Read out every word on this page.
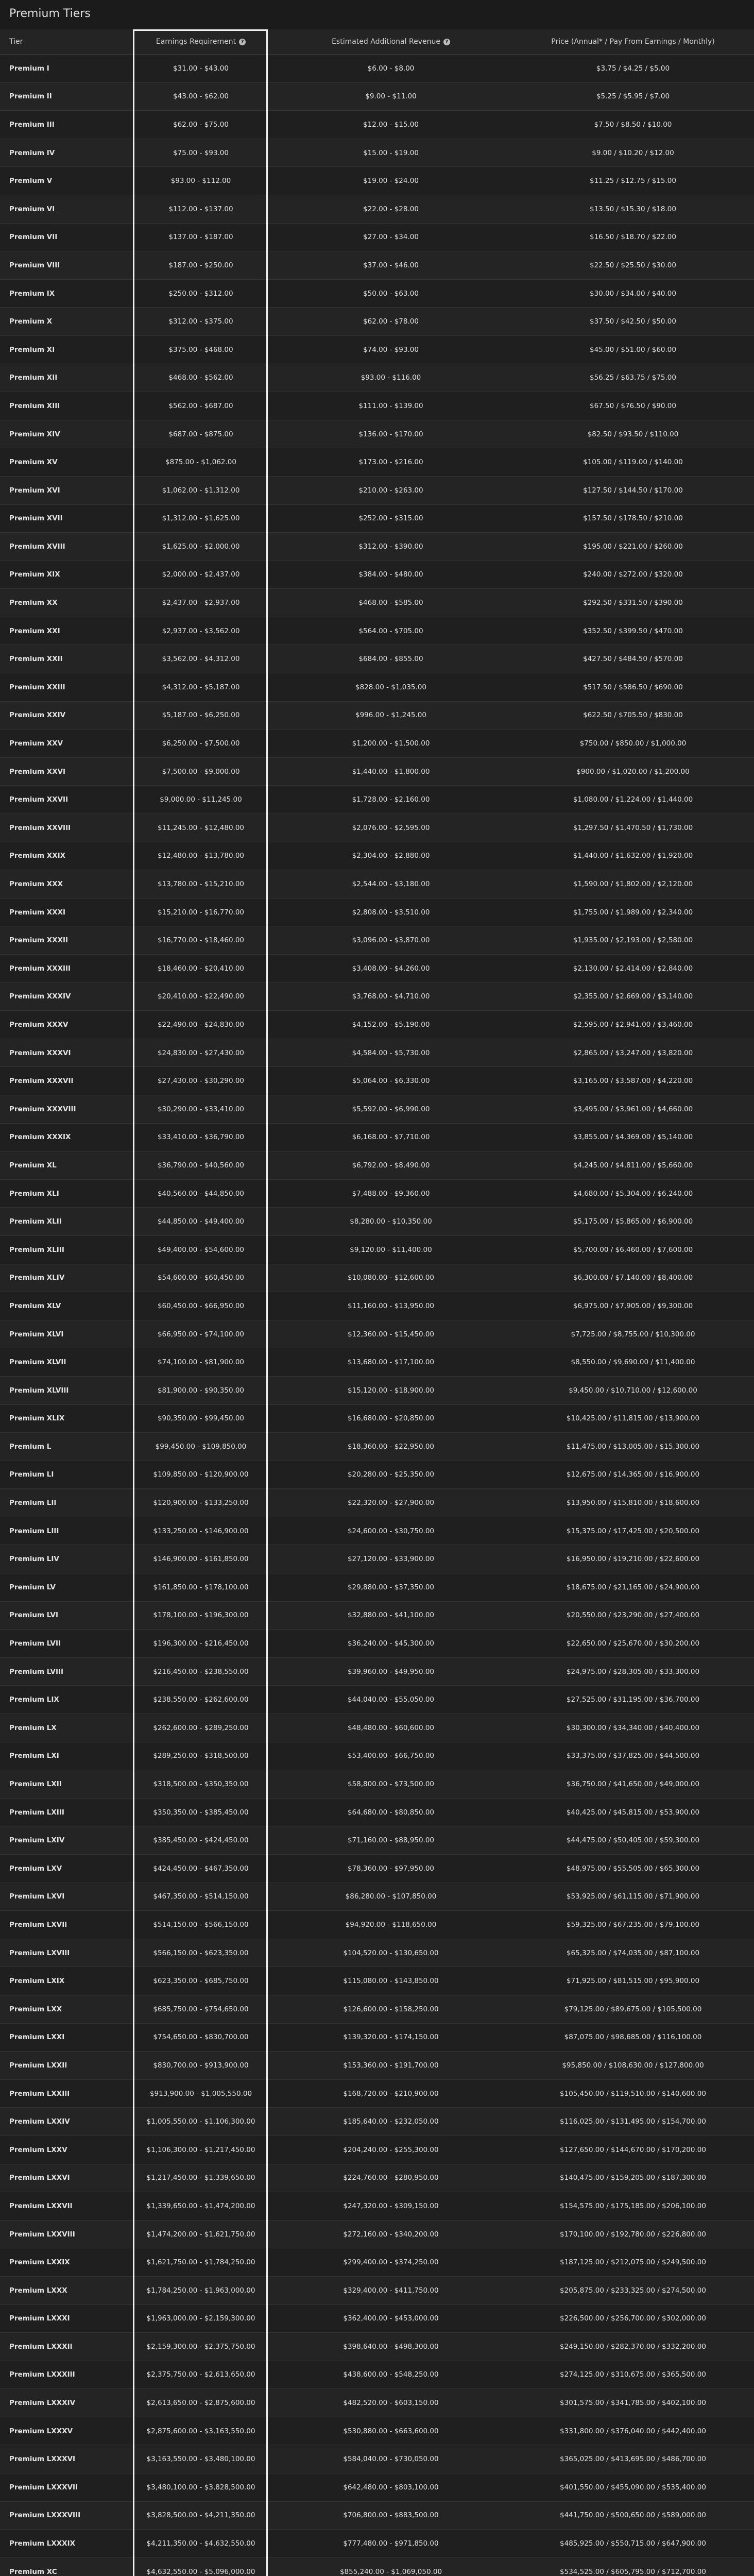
Premium Tiers
Tier	Earnings Requirement ?	Estimated Additional Revenue ?	Price (Annual* / Pay From Earnings / Monthly)
Premium I	$31.00 - $43.00	$6.00 - $8.00	$3.75 / $4.25 / $5.00
Premium II	$43.00 - $62.00	$9.00 - $11.00	$5.25 / $5.95 / $7.00
Premium III	$62.00 - $75.00	$12.00 - $15.00	$7.50 / $8.50 / $10.00
Premium IV	$75.00 - $93.00	$15.00 - $19.00	$9.00 / $10.20 / $12.00
Premium V	$93.00 - $112.00	$19.00 - $24.00	$11.25 / $12.75 / $15.00
Premium VI	$112.00 - $137.00	$22.00 - $28.00	$13.50 / $15.30 / $18.00
Premium VII	$137.00 - $187.00	$27.00 - $34.00	$16.50 / $18.70 / $22.00
Premium VIII	$187.00 - $250.00	$37.00 - $46.00	$22.50 / $25.50 / $30.00
Premium IX	$250.00 - $312.00	$50.00 - $63.00	$30.00 / $34.00 / $40.00
Premium X	$312.00 - $375.00	$62.00 - $78.00	$37.50 / $42.50 / $50.00
Premium XI	$375.00 - $468.00	$74.00 - $93.00	$45.00 / $51.00 / $60.00
Premium XII	$468.00 - $562.00	$93.00 - $116.00	$56.25 / $63.75 / $75.00
Premium XIII	$562.00 - $687.00	$111.00 - $139.00	$67.50 / $76.50 / $90.00
Premium XIV	$687.00 - $875.00	$136.00 - $170.00	$82.50 / $93.50 / $110.00
Premium XV	$875.00 - $1,062.00	$173.00 - $216.00	$105.00 / $119.00 / $140.00
Premium XVI	$1,062.00 - $1,312.00	$210.00 - $263.00	$127.50 / $144.50 / $170.00
Premium XVII	$1,312.00 - $1,625.00	$252.00 - $315.00	$157.50 / $178.50 / $210.00
Premium XVIII	$1,625.00 - $2,000.00	$312.00 - $390.00	$195.00 / $221.00 / $260.00
Premium XIX	$2,000.00 - $2,437.00	$384.00 - $480.00	$240.00 / $272.00 / $320.00
Premium XX	$2,437.00 - $2,937.00	$468.00 - $585.00	$292.50 / $331.50 / $390.00
Premium XXI	$2,937.00 - $3,562.00	$564.00 - $705.00	$352.50 / $399.50 / $470.00
Premium XXII	$3,562.00 - $4,312.00	$684.00 - $855.00	$427.50 / $484.50 / $570.00
Premium XXIII	$4,312.00 - $5,187.00	$828.00 - $1,035.00	$517.50 / $586.50 / $690.00
Premium XXIV	$5,187.00 - $6,250.00	$996.00 - $1,245.00	$622.50 / $705.50 / $830.00
Premium XXV	$6,250.00 - $7,500.00	$1,200.00 - $1,500.00	$750.00 / $850.00 / $1,000.00
Premium XXVI	$7,500.00 - $9,000.00	$1,440.00 - $1,800.00	$900.00 / $1,020.00 / $1,200.00
Premium XXVII	$9,000.00 - $11,245.00	$1,728.00 - $2,160.00	$1,080.00 / $1,224.00 / $1,440.00
Premium XXVIII	$11,245.00 - $12,480.00	$2,076.00 - $2,595.00	$1,297.50 / $1,470.50 / $1,730.00
Premium XXIX	$12,480.00 - $13,780.00	$2,304.00 - $2,880.00	$1,440.00 / $1,632.00 / $1,920.00
Premium XXX	$13,780.00 - $15,210.00	$2,544.00 - $3,180.00	$1,590.00 / $1,802.00 / $2,120.00
Premium XXXI	$15,210.00 - $16,770.00	$2,808.00 - $3,510.00	$1,755.00 / $1,989.00 / $2,340.00
Premium XXXII	$16,770.00 - $18,460.00	$3,096.00 - $3,870.00	$1,935.00 / $2,193.00 / $2,580.00
Premium XXXIII	$18,460.00 - $20,410.00	$3,408.00 - $4,260.00	$2,130.00 / $2,414.00 / $2,840.00
Premium XXXIV	$20,410.00 - $22,490.00	$3,768.00 - $4,710.00	$2,355.00 / $2,669.00 / $3,140.00
Premium XXXV	$22,490.00 - $24,830.00	$4,152.00 - $5,190.00	$2,595.00 / $2,941.00 / $3,460.00
Premium XXXVI	$24,830.00 - $27,430.00	$4,584.00 - $5,730.00	$2,865.00 / $3,247.00 / $3,820.00
Premium XXXVII	$27,430.00 - $30,290.00	$5,064.00 - $6,330.00	$3,165.00 / $3,587.00 / $4,220.00
Premium XXXVIII	$30,290.00 - $33,410.00	$5,592.00 - $6,990.00	$3,495.00 / $3,961.00 / $4,660.00
Premium XXXIX	$33,410.00 - $36,790.00	$6,168.00 - $7,710.00	$3,855.00 / $4,369.00 / $5,140.00
Premium XL	$36,790.00 - $40,560.00	$6,792.00 - $8,490.00	$4,245.00 / $4,811.00 / $5,660.00
Premium XLI	$40,560.00 - $44,850.00	$7,488.00 - $9,360.00	$4,680.00 / $5,304.00 / $6,240.00
Premium XLII	$44,850.00 - $49,400.00	$8,280.00 - $10,350.00	$5,175.00 / $5,865.00 / $6,900.00
Premium XLIII	$49,400.00 - $54,600.00	$9,120.00 - $11,400.00	$5,700.00 / $6,460.00 / $7,600.00
Premium XLIV	$54,600.00 - $60,450.00	$10,080.00 - $12,600.00	$6,300.00 / $7,140.00 / $8,400.00
Premium XLV	$60,450.00 - $66,950.00	$11,160.00 - $13,950.00	$6,975.00 / $7,905.00 / $9,300.00
Premium XLVI	$66,950.00 - $74,100.00	$12,360.00 - $15,450.00	$7,725.00 / $8,755.00 / $10,300.00
Premium XLVII	$74,100.00 - $81,900.00	$13,680.00 - $17,100.00	$8,550.00 / $9,690.00 / $11,400.00
Premium XLVIII	$81,900.00 - $90,350.00	$15,120.00 - $18,900.00	$9,450.00 / $10,710.00 / $12,600.00
Premium XLIX	$90,350.00 - $99,450.00	$16,680.00 - $20,850.00	$10,425.00 / $11,815.00 / $13,900.00
Premium L	$99,450.00 - $109,850.00	$18,360.00 - $22,950.00	$11,475.00 / $13,005.00 / $15,300.00
Premium LI	$109,850.00 - $120,900.00	$20,280.00 - $25,350.00	$12,675.00 / $14,365.00 / $16,900.00
Premium LII	$120,900.00 - $133,250.00	$22,320.00 - $27,900.00	$13,950.00 / $15,810.00 / $18,600.00
Premium LIII	$133,250.00 - $146,900.00	$24,600.00 - $30,750.00	$15,375.00 / $17,425.00 / $20,500.00
Premium LIV	$146,900.00 - $161,850.00	$27,120.00 - $33,900.00	$16,950.00 / $19,210.00 / $22,600.00
Premium LV	$161,850.00 - $178,100.00	$29,880.00 - $37,350.00	$18,675.00 / $21,165.00 / $24,900.00
Premium LVI	$178,100.00 - $196,300.00	$32,880.00 - $41,100.00	$20,550.00 / $23,290.00 / $27,400.00
Premium LVII	$196,300.00 - $216,450.00	$36,240.00 - $45,300.00	$22,650.00 / $25,670.00 / $30,200.00
Premium LVIII	$216,450.00 - $238,550.00	$39,960.00 - $49,950.00	$24,975.00 / $28,305.00 / $33,300.00
Premium LIX	$238,550.00 - $262,600.00	$44,040.00 - $55,050.00	$27,525.00 / $31,195.00 / $36,700.00
Premium LX	$262,600.00 - $289,250.00	$48,480.00 - $60,600.00	$30,300.00 / $34,340.00 / $40,400.00
Premium LXI	$289,250.00 - $318,500.00	$53,400.00 - $66,750.00	$33,375.00 / $37,825.00 / $44,500.00
Premium LXII	$318,500.00 - $350,350.00	$58,800.00 - $73,500.00	$36,750.00 / $41,650.00 / $49,000.00
Premium LXIII	$350,350.00 - $385,450.00	$64,680.00 - $80,850.00	$40,425.00 / $45,815.00 / $53,900.00
Premium LXIV	$385,450.00 - $424,450.00	$71,160.00 - $88,950.00	$44,475.00 / $50,405.00 / $59,300.00
Premium LXV	$424,450.00 - $467,350.00	$78,360.00 - $97,950.00	$48,975.00 / $55,505.00 / $65,300.00
Premium LXVI	$467,350.00 - $514,150.00	$86,280.00 - $107,850.00	$53,925.00 / $61,115.00 / $71,900.00
Premium LXVII	$514,150.00 - $566,150.00	$94,920.00 - $118,650.00	$59,325.00 / $67,235.00 / $79,100.00
Premium LXVIII	$566,150.00 - $623,350.00	$104,520.00 - $130,650.00	$65,325.00 / $74,035.00 / $87,100.00
Premium LXIX	$623,350.00 - $685,750.00	$115,080.00 - $143,850.00	$71,925.00 / $81,515.00 / $95,900.00
Premium LXX	$685,750.00 - $754,650.00	$126,600.00 - $158,250.00	$79,125.00 / $89,675.00 / $105,500.00
Premium LXXI	$754,650.00 - $830,700.00	$139,320.00 - $174,150.00	$87,075.00 / $98,685.00 / $116,100.00
Premium LXXII	$830,700.00 - $913,900.00	$153,360.00 - $191,700.00	$95,850.00 / $108,630.00 / $127,800.00
Premium LXXIII	$913,900.00 - $1,005,550.00	$168,720.00 - $210,900.00	$105,450.00 / $119,510.00 / $140,600.00
Premium LXXIV	$1,005,550.00 - $1,106,300.00	$185,640.00 - $232,050.00	$116,025.00 / $131,495.00 / $154,700.00
Premium LXXV	$1,106,300.00 - $1,217,450.00	$204,240.00 - $255,300.00	$127,650.00 / $144,670.00 / $170,200.00
Premium LXXVI	$1,217,450.00 - $1,339,650.00	$224,760.00 - $280,950.00	$140,475.00 / $159,205.00 / $187,300.00
Premium LXXVII	$1,339,650.00 - $1,474,200.00	$247,320.00 - $309,150.00	$154,575.00 / $175,185.00 / $206,100.00
Premium LXXVIII	$1,474,200.00 - $1,621,750.00	$272,160.00 - $340,200.00	$170,100.00 / $192,780.00 / $226,800.00
Premium LXXIX	$1,621,750.00 - $1,784,250.00	$299,400.00 - $374,250.00	$187,125.00 / $212,075.00 / $249,500.00
Premium LXXX	$1,784,250.00 - $1,963,000.00	$329,400.00 - $411,750.00	$205,875.00 / $233,325.00 / $274,500.00
Premium LXXXI	$1,963,000.00 - $2,159,300.00	$362,400.00 - $453,000.00	$226,500.00 / $256,700.00 / $302,000.00
Premium LXXXII	$2,159,300.00 - $2,375,750.00	$398,640.00 - $498,300.00	$249,150.00 / $282,370.00 / $332,200.00
Premium LXXXIII	$2,375,750.00 - $2,613,650.00	$438,600.00 - $548,250.00	$274,125.00 / $310,675.00 / $365,500.00
Premium LXXXIV	$2,613,650.00 - $2,875,600.00	$482,520.00 - $603,150.00	$301,575.00 / $341,785.00 / $402,100.00
Premium LXXXV	$2,875,600.00 - $3,163,550.00	$530,880.00 - $663,600.00	$331,800.00 / $376,040.00 / $442,400.00
Premium LXXXVI	$3,163,550.00 - $3,480,100.00	$584,040.00 - $730,050.00	$365,025.00 / $413,695.00 / $486,700.00
Premium LXXXVII	$3,480,100.00 - $3,828,500.00	$642,480.00 - $803,100.00	$401,550.00 / $455,090.00 / $535,400.00
Premium LXXXVIII	$3,828,500.00 - $4,211,350.00	$706,800.00 - $883,500.00	$441,750.00 / $500,650.00 / $589,000.00
Premium LXXXIX	$4,211,350.00 - $4,632,550.00	$777,480.00 - $971,850.00	$485,925.00 / $550,715.00 / $647,900.00
Premium XC	$4,632,550.00 - $5,096,000.00	$855,240.00 - $1,069,050.00	$534,525.00 / $605,795.00 / $712,700.00
